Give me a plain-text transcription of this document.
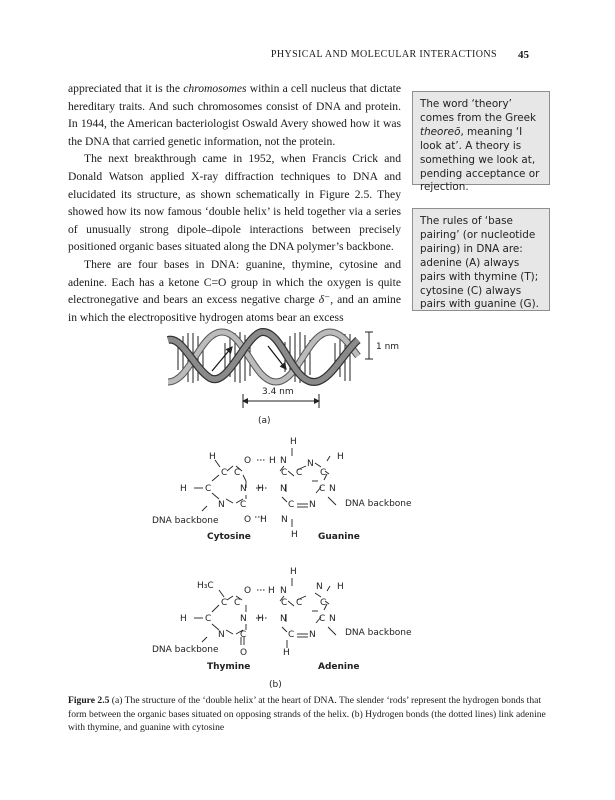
PHYSICAL AND MOLECULAR INTERACTIONS 45

appreciated that it is the chromosomes within a cell nucleus that dictate hereditary traits. And such chromosomes consist of DNA and protein. In 1944, the American bacteriologist Oswald Avery showed how it was the DNA that carried genetic information, not the protein.

The next breakthrough came in 1952, when Francis Crick and Donald Watson applied X-ray diffraction techniques to DNA and elucidated its structure, as shown schematically in Figure 2.5. They showed how its now famous ‘double helix’ is held together via a series of unusually strong dipole–dipole interactions between precisely positioned organic bases situated along the DNA polymer’s backbone.

There are four bases in DNA: guanine, thymine, cytosine and adenine. Each has a ketone C=O group in which the oxygen is quite electronegative and bears an excess negative charge δ⁻, and an amine in which the electropositive hydrogen atoms bear an excess

The word ‘theory’ comes from the Greek theoreō, meaning ‘I look at’. A theory is something we look at, pending acceptance or rejection.
The rules of ‘base pairing’ (or nucleotide pairing) in DNA are: adenine (A) always pairs with thymine (T); cytosine (C) always pairs with guanine (G).
1 nm
3.4 nm
(a)
H	O H N
H
C C	C C
N
C
H
H C	N H N	C N
N C	C N
O H N
H
DNA backbone
DNA backbone
Cytosine	Guanine
H₃C	O H N
H
C C	C C
N
C
H
H C	N H N	C N
N C	C N
O	H
DNA backbone
DNA backbone
Thymine	Adenine
(b)
Figure 2.5 (a) The structure of the ‘double helix’ at the heart of DNA. The slender ‘rods’ represent the hydrogen bonds that form between the organic bases situated on opposing strands of the helix. (b) Hydrogen bonds (the dotted lines) link adenine with thymine, and guanine with cytosine
